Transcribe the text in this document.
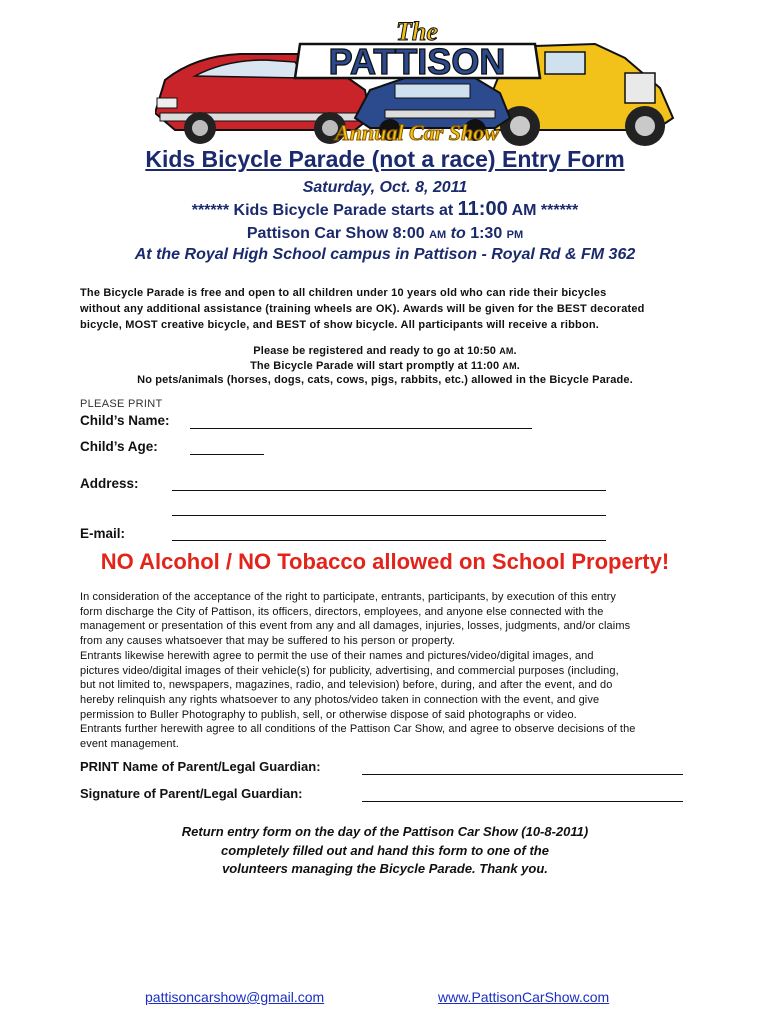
PATTISON
The
Annual Car Show
Kids Bicycle Parade (not a race) Entry Form
Saturday, Oct. 8, 2011
****** Kids Bicycle Parade starts at 11:00 AM ******
Pattison Car Show 8:00 AM to 1:30 PM
At the Royal High School campus in Pattison - Royal Rd & FM 362
The Bicycle Parade is free and open to all children under 10 years old who can ride their bicycles
without any additional assistance (training wheels are OK). Awards will be given for the BEST decorated
bicycle, MOST creative bicycle, and BEST of show bicycle. All participants will receive a ribbon.
Please be registered and ready to go at 10:50 AM.
The Bicycle Parade will start promptly at 11:00 AM.
No pets/animals (horses, dogs, cats, cows, pigs, rabbits, etc.) allowed in the Bicycle Parade.
PLEASE PRINT
Child’s Name:
Child’s Age:
Address:
E-mail:
NO Alcohol / NO Tobacco allowed on School Property!
In consideration of the acceptance of the right to participate, entrants, participants, by execution of this entry
form discharge the City of Pattison, its officers, directors, employees, and anyone else connected with the
management or presentation of this event from any and all damages, injuries, losses, judgments, and/or claims
from any causes whatsoever that may be suffered to his person or property.
Entrants likewise herewith agree to permit the use of their names and pictures/video/digital images, and
pictures video/digital images of their vehicle(s) for publicity, advertising, and commercial purposes (including,
but not limited to, newspapers, magazines, radio, and television) before, during, and after the event, and do
hereby relinquish any rights whatsoever to any photos/video taken in connection with the event, and give
permission to Buller Photography to publish, sell, or otherwise dispose of said photographs or video.
Entrants further herewith agree to all conditions of the Pattison Car Show, and agree to observe decisions of the
event management.
PRINT Name of Parent/Legal Guardian:
Signature of Parent/Legal Guardian:
Return entry form on the day of the Pattison Car Show (10-8-2011)
completely filled out and hand this form to one of the
volunteers managing the Bicycle Parade. Thank you.
pattisoncarshow@gmail.com	www.PattisonCarShow.com
